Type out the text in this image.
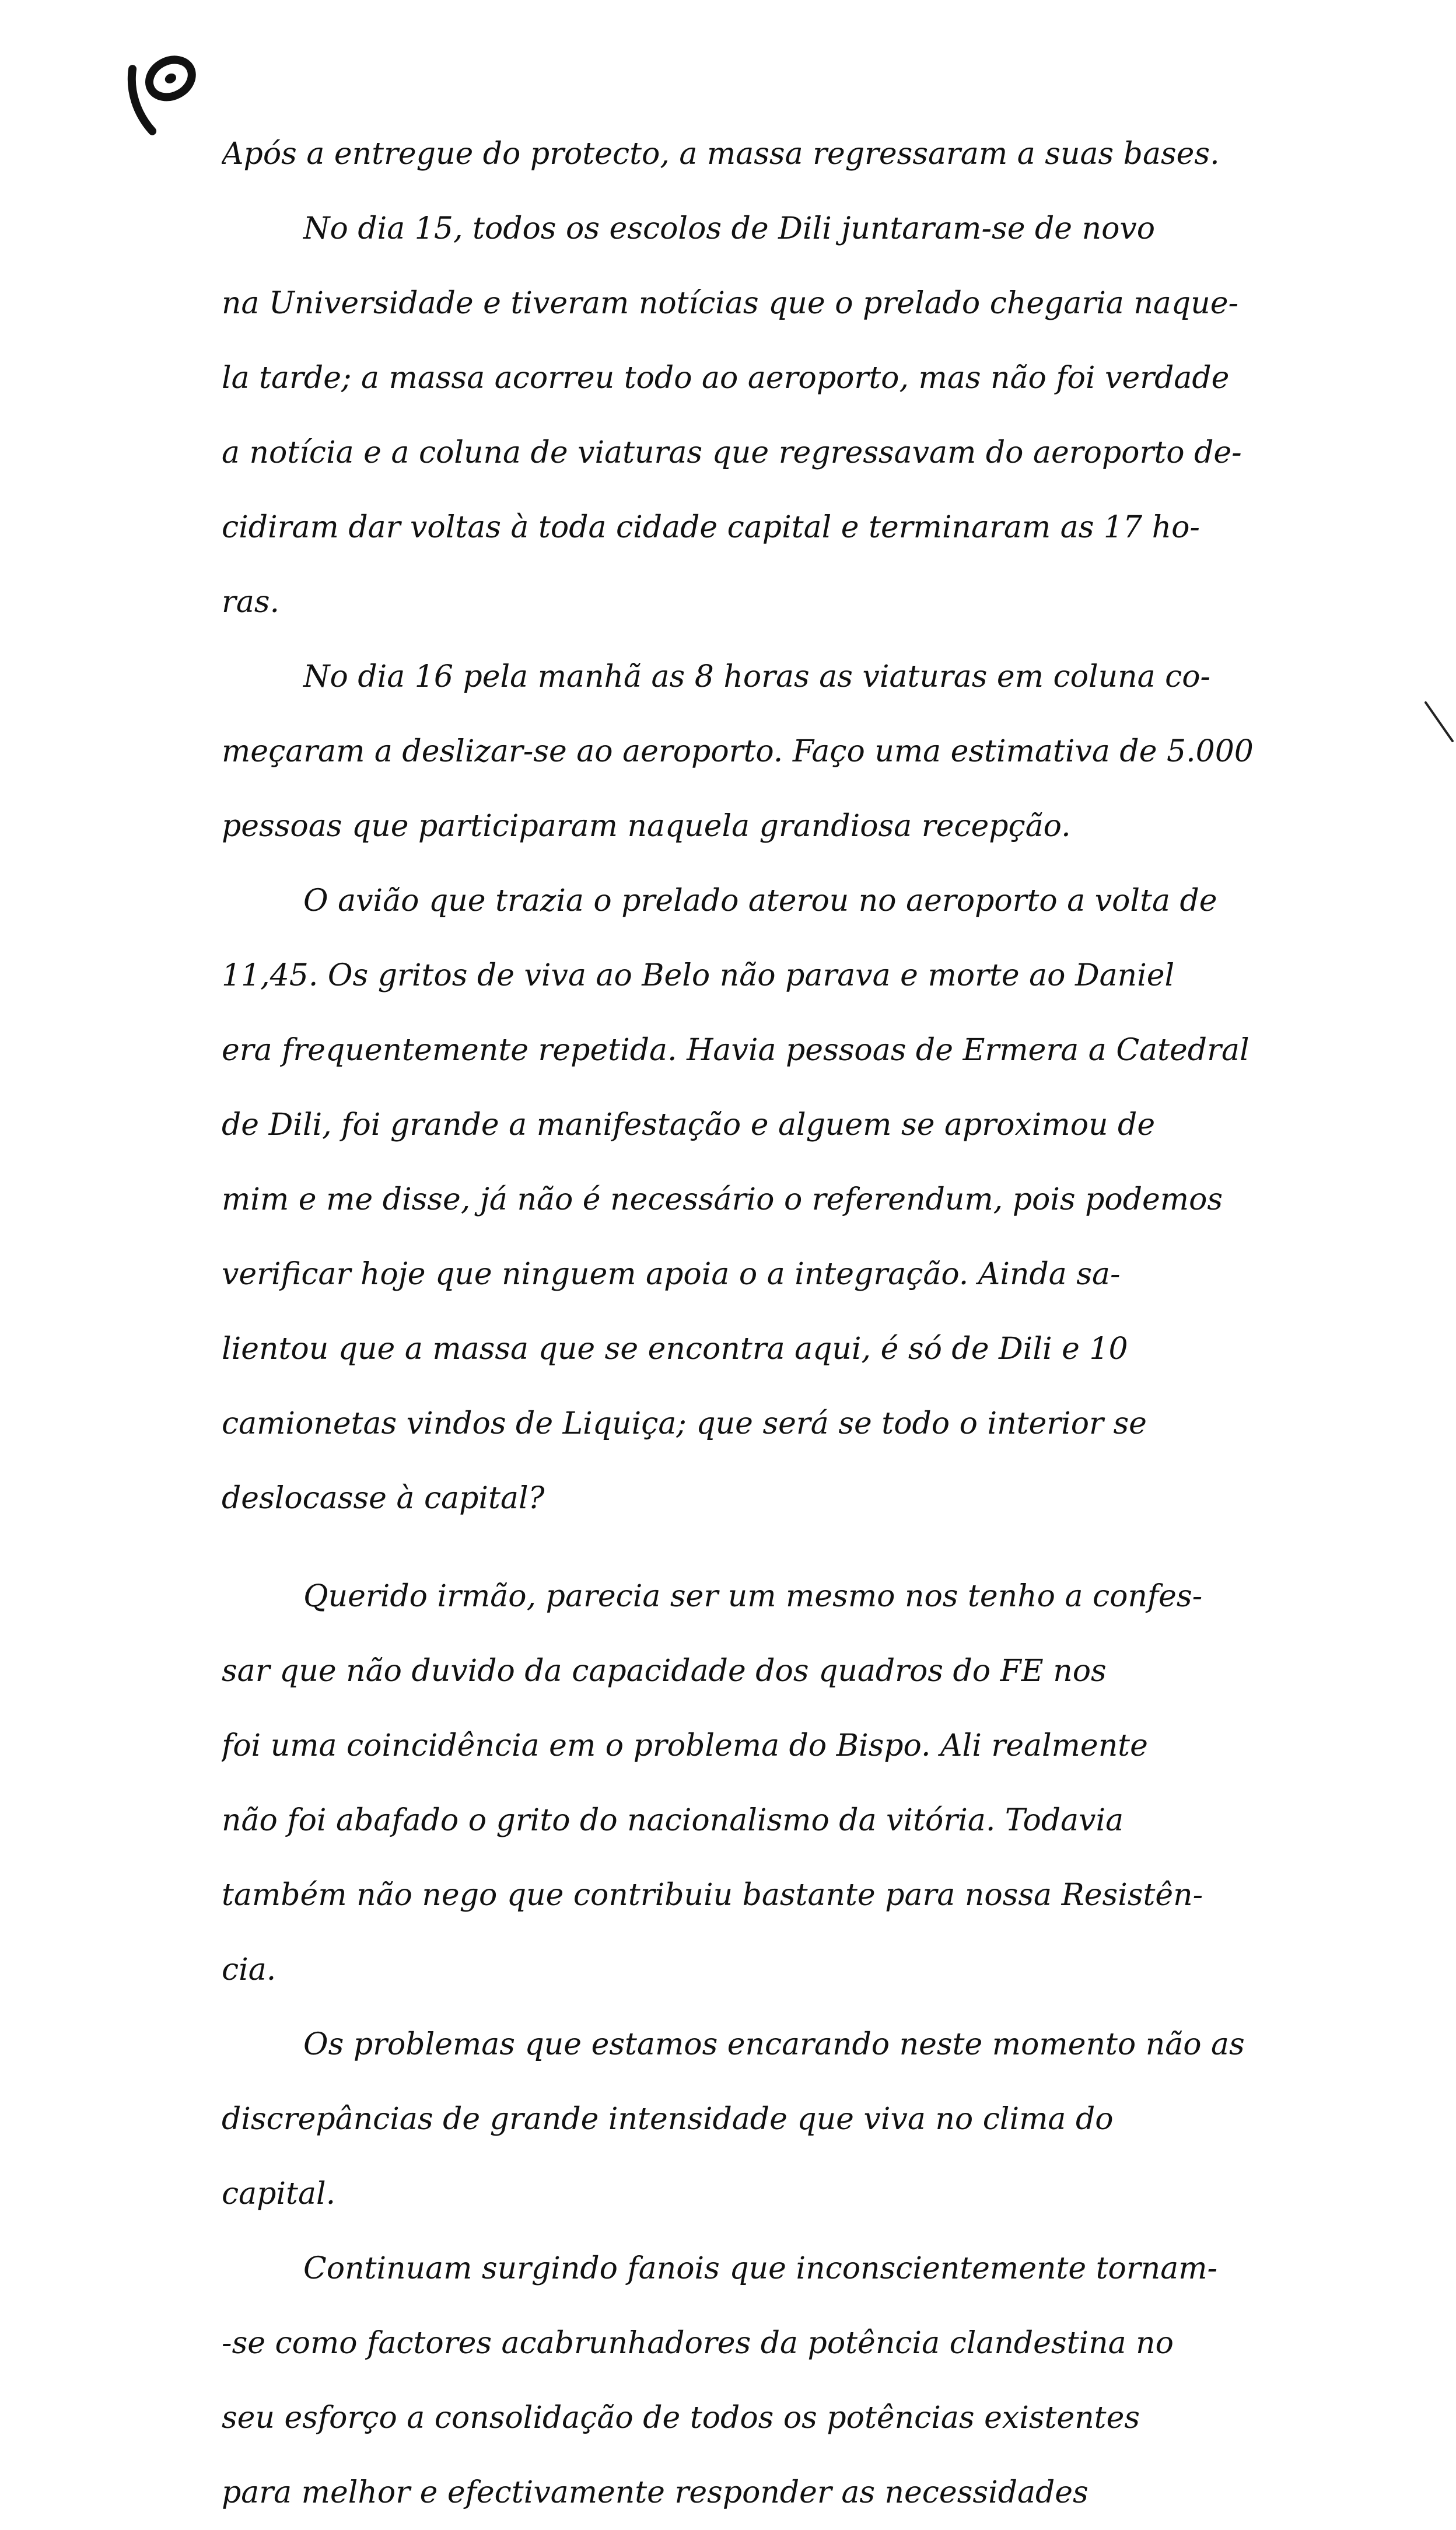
Após a entregue do protecto, a massa regressaram a suas bases.
No dia 15, todos os escolos de Dili juntaram-se de novo
na Universidade e tiveram notícias que o prelado chegaria naque-
la tarde; a massa acorreu todo ao aeroporto, mas não foi verdade
a notícia e a coluna de viaturas que regressavam do aeroporto de-
cidiram dar voltas à toda cidade capital e terminaram as 17 ho-
ras.
No dia 16 pela manhã as 8 horas as viaturas em coluna co-
meçaram a deslizar-se ao aeroporto. Faço uma estimativa de 5.000
pessoas que participaram naquela grandiosa recepção.
O avião que trazia o prelado aterou no aeroporto a volta de
11,45. Os gritos de viva ao Belo não parava e morte ao Daniel
era frequentemente repetida. Havia pessoas de Ermera a Catedral
de Dili, foi grande a manifestação e alguem se aproximou de
mim e me disse, já não é necessário o referendum, pois podemos
verificar hoje que ninguem apoia o a integração. Ainda sa-
lientou que a massa que se encontra aqui, é só de Dili e 10
camionetas vindos de Liquiça; que será se todo o interior se
deslocasse à capital?
Querido irmão, parecia ser um mesmo nos tenho a confes-
sar que não duvido da capacidade dos quadros do FE nos
foi uma coincidência em o problema do Bispo. Ali realmente
não foi abafado o grito do nacionalismo da vitória. Todavia
também não nego que contribuiu bastante para nossa Resistên-
cia.
Os problemas que estamos encarando neste momento não as
discrepâncias de grande intensidade que viva no clima do
capital.
Continuam surgindo fanois que inconscientemente tornam-
-se como factores acabrunhadores da potência clandestina no
seu esforço a consolidação de todos os potências existentes
para melhor e efectivamente responder as necessidades
